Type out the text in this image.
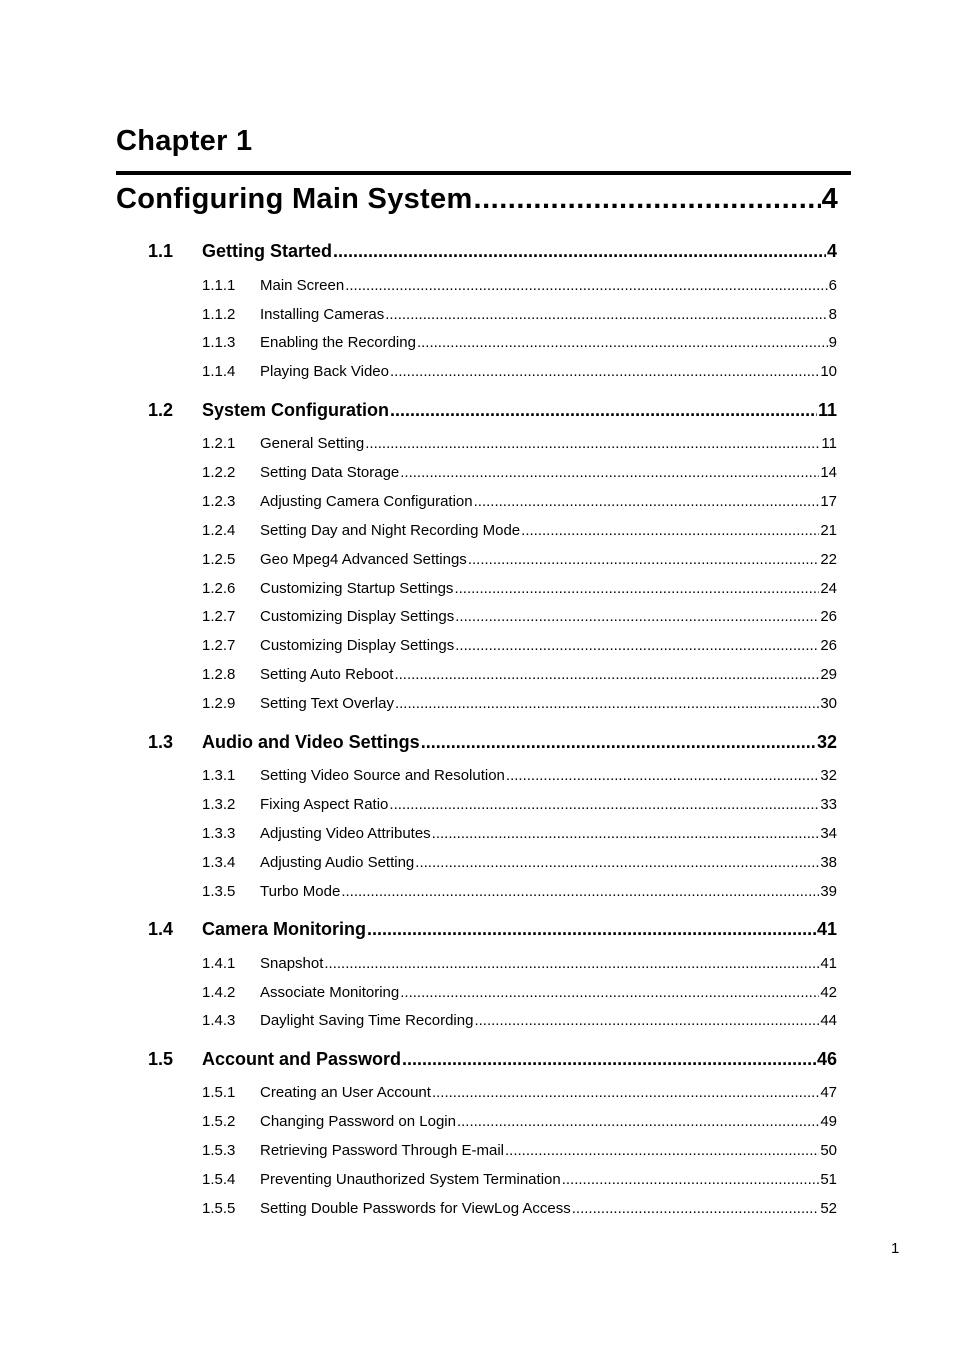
Chapter 1
Configuring Main System .....	4
1.1 Getting Started .....	4
1.1.1 Main Screen .....	6
1.1.2 Installing Cameras .....	8
1.1.3 Enabling the Recording .....	9
1.1.4 Playing Back Video .....	10
1.2 System Configuration .....	11
1.2.1 General Setting .....	11
1.2.2 Setting Data Storage .....	14
1.2.3 Adjusting Camera Configuration .....	17
1.2.4 Setting Day and Night Recording Mode .....	21
1.2.5 Geo Mpeg4 Advanced Settings .....	22
1.2.6 Customizing Startup Settings .....	24
1.2.7 Customizing Display Settings .....	26
1.2.7 Customizing Display Settings .....	26
1.2.8 Setting Auto Reboot .....	29
1.2.9 Setting Text Overlay .....	30
1.3 Audio and Video Settings .....	32
1.3.1 Setting Video Source and Resolution .....	32
1.3.2 Fixing Aspect Ratio .....	33
1.3.3 Adjusting Video Attributes .....	34
1.3.4 Adjusting Audio Setting .....	38
1.3.5 Turbo Mode .....	39
1.4 Camera Monitoring .....	41
1.4.1 Snapshot .....	41
1.4.2 Associate Monitoring .....	42
1.4.3 Daylight Saving Time Recording .....	44
1.5 Account and Password .....	46
1.5.1 Creating an User Account .....	47
1.5.2 Changing Password on Login .....	49
1.5.3 Retrieving Password Through E-mail .....	50
1.5.4 Preventing Unauthorized System Termination .....	51
1.5.5 Setting Double Passwords for ViewLog Access .....	52
1
